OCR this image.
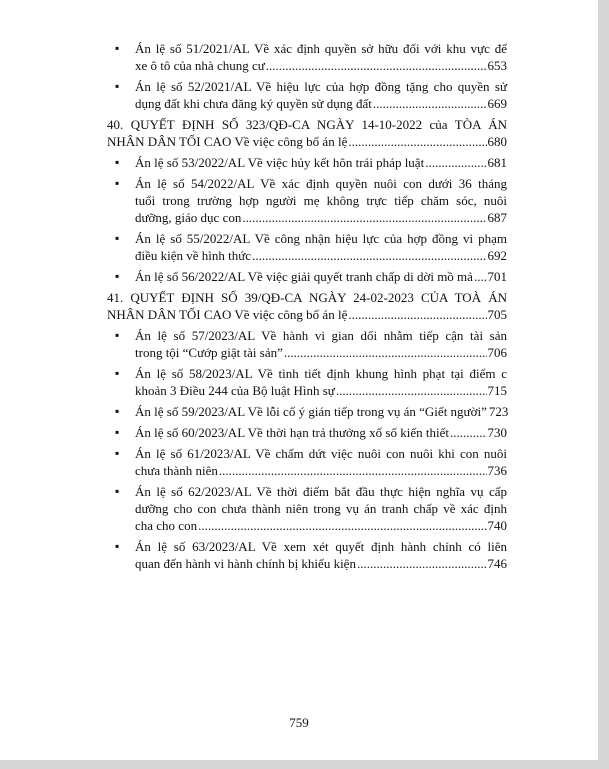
▪ Án lệ số 51/2021/AL Về xác định quyền sở hữu đối với khu vực để
xe ô tô của nhà chung cư .....	653
▪ Án lệ số 52/2021/AL Về hiệu lực của hợp đồng tặng cho quyền sử
dụng đất khi chưa đăng ký quyền sử dụng đất .....	669
40. QUYẾT ĐỊNH SỐ 323/QĐ-CA NGÀY 14-10-2022 của TÒA ÁN
NHÂN DÂN TỐI CAO Về việc công bố án lệ .....	680
▪ Án lệ số 53/2022/AL Về việc hủy kết hôn trái pháp luật .....	681
▪ Án lệ số 54/2022/AL Về xác định quyền nuôi con dưới 36 tháng
tuổi trong trường hợp người mẹ không trực tiếp chăm sóc, nuôi
dưỡng, giáo dục con .....	687
▪ Án lệ số 55/2022/AL Về công nhận hiệu lực của hợp đồng vi phạm
điều kiện về hình thức .....	692
▪ Án lệ số 56/2022/AL Về việc giải quyết tranh chấp di dời mồ mả ..... 701
41. QUYẾT ĐỊNH SỐ 39/QĐ-CA NGÀY 24-02-2023 CỦA TOÀ ÁN
NHÂN DÂN TỐI CAO Về việc công bố án lệ .....	705
▪ Án lệ số 57/2023/AL Về hành vi gian dối nhằm tiếp cận tài sản
trong tội “Cướp giật tài sản” .....	706
▪ Án lệ số 58/2023/AL Về tình tiết định khung hình phạt tại điểm c
khoản 3 Điều 244 của Bộ luật Hình sự .....	715
▪ Án lệ số 59/2023/AL Về lỗi cố ý gián tiếp trong vụ án “Giết người” 723
▪ Án lệ số 60/2023/AL Về thời hạn trả thưởng xổ số kiến thiết .....	730
▪ Án lệ số 61/2023/AL Về chấm dứt việc nuôi con nuôi khi con nuôi
chưa thành niên .....	736
▪ Án lệ số 62/2023/AL Về thời điểm bắt đầu thực hiện nghĩa vụ cấp
dưỡng cho con chưa thành niên trong vụ án tranh chấp về xác định
cha cho con .....	740
▪ Án lệ số 63/2023/AL Về xem xét quyết định hành chính có liên
quan đến hành vi hành chính bị khiếu kiện .....	746
759
